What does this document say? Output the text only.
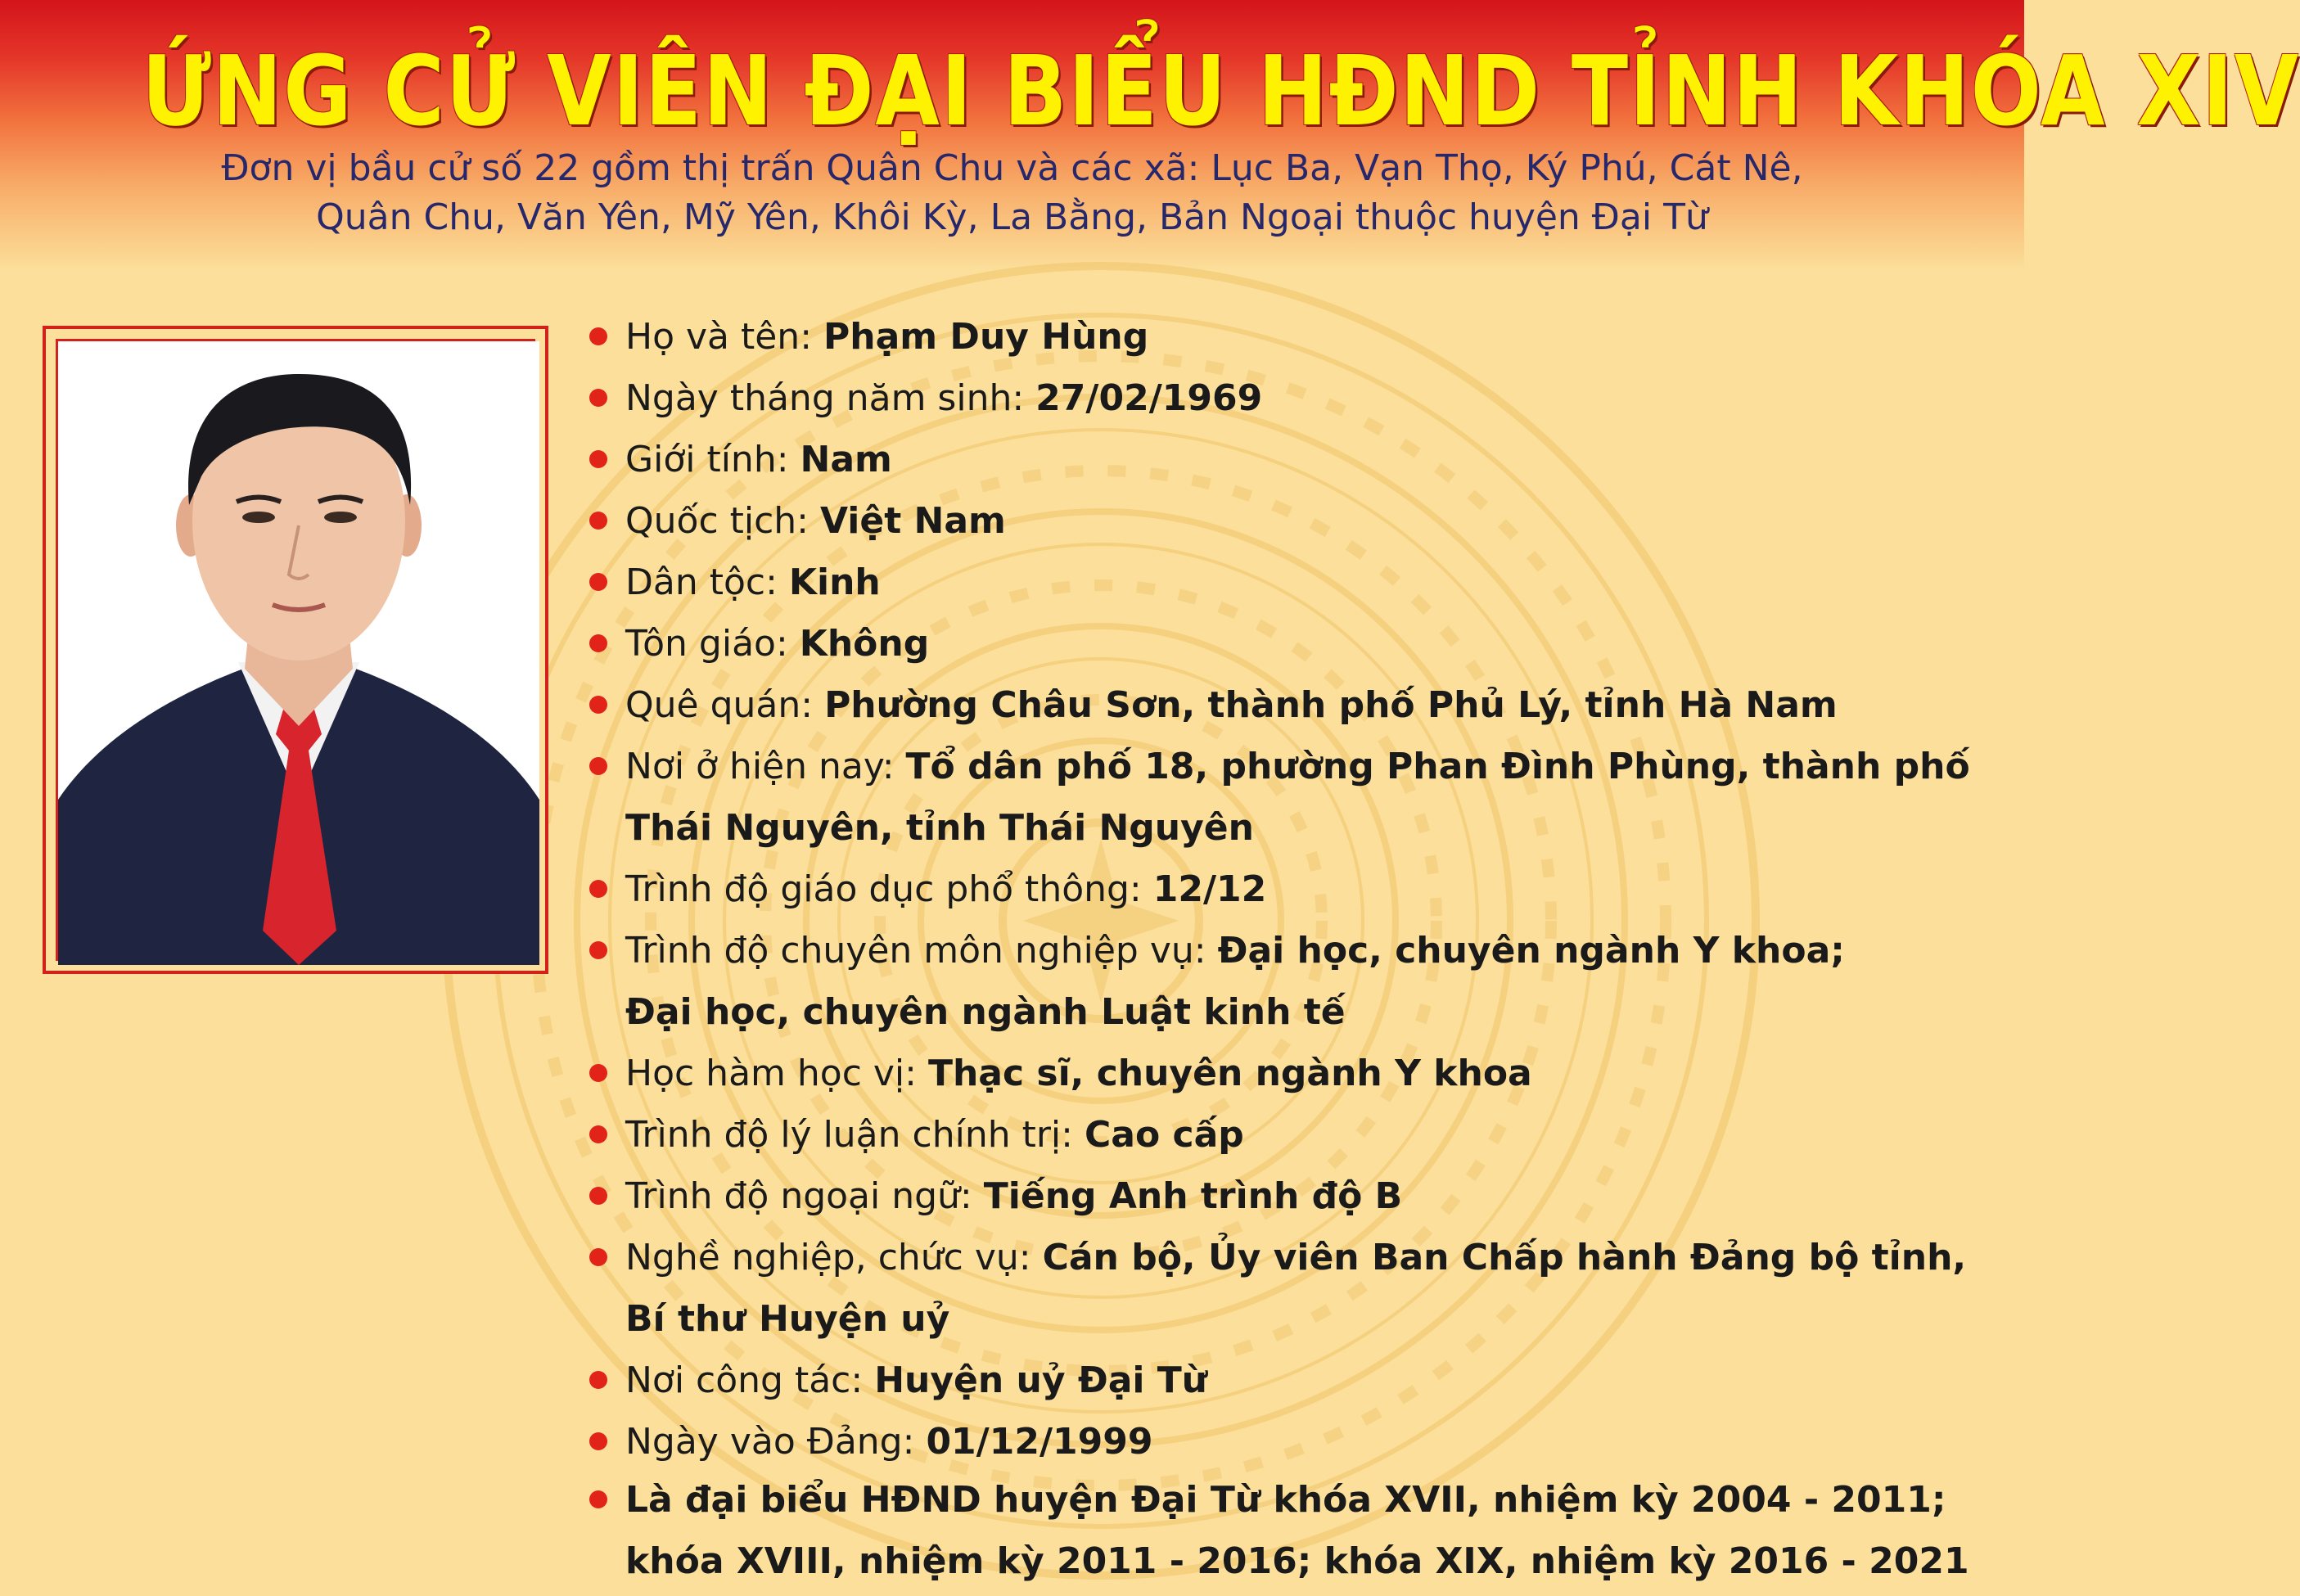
ỨNG CỬ VIÊN ĐẠI BIỂU HĐND TỈNH KHÓA XIV

Đơn vị bầu cử số 22 gồm thị trấn Quân Chu và các xã: Lục Ba, Vạn Thọ, Ký Phú, Cát Nê,

Quân Chu, Văn Yên, Mỹ Yên, Khôi Kỳ, La Bằng, Bản Ngoại thuộc huyện Đại Từ

Họ và tên: Phạm Duy Hùng
Ngày tháng năm sinh: 27/02/1969
Giới tính: Nam
Quốc tịch: Việt Nam
Dân tộc: Kinh
Tôn giáo: Không
Quê quán: Phường Châu Sơn, thành phố Phủ Lý, tỉnh Hà Nam
Nơi ở hiện nay: Tổ dân phố 18, phường Phan Đình Phùng, thành phố
Thái Nguyên, tỉnh Thái Nguyên
Trình độ giáo dục phổ thông: 12/12
Trình độ chuyên môn nghiệp vụ: Đại học, chuyên ngành Y khoa;
Đại học, chuyên ngành Luật kinh tế
Học hàm học vị: Thạc sĩ, chuyên ngành Y khoa
Trình độ lý luận chính trị: Cao cấp
Trình độ ngoại ngữ: Tiếng Anh trình độ B
Nghề nghiệp, chức vụ: Cán bộ, Ủy viên Ban Chấp hành Đảng bộ tỉnh,
Bí thư Huyện uỷ
Nơi công tác: Huyện uỷ Đại Từ
Ngày vào Đảng: 01/12/1999
Là đại biểu HĐND huyện Đại Từ khóa XVII, nhiệm kỳ 2004 - 2011;
khóa XVIII, nhiệm kỳ 2011 - 2016; khóa XIX, nhiệm kỳ 2016 - 2021
